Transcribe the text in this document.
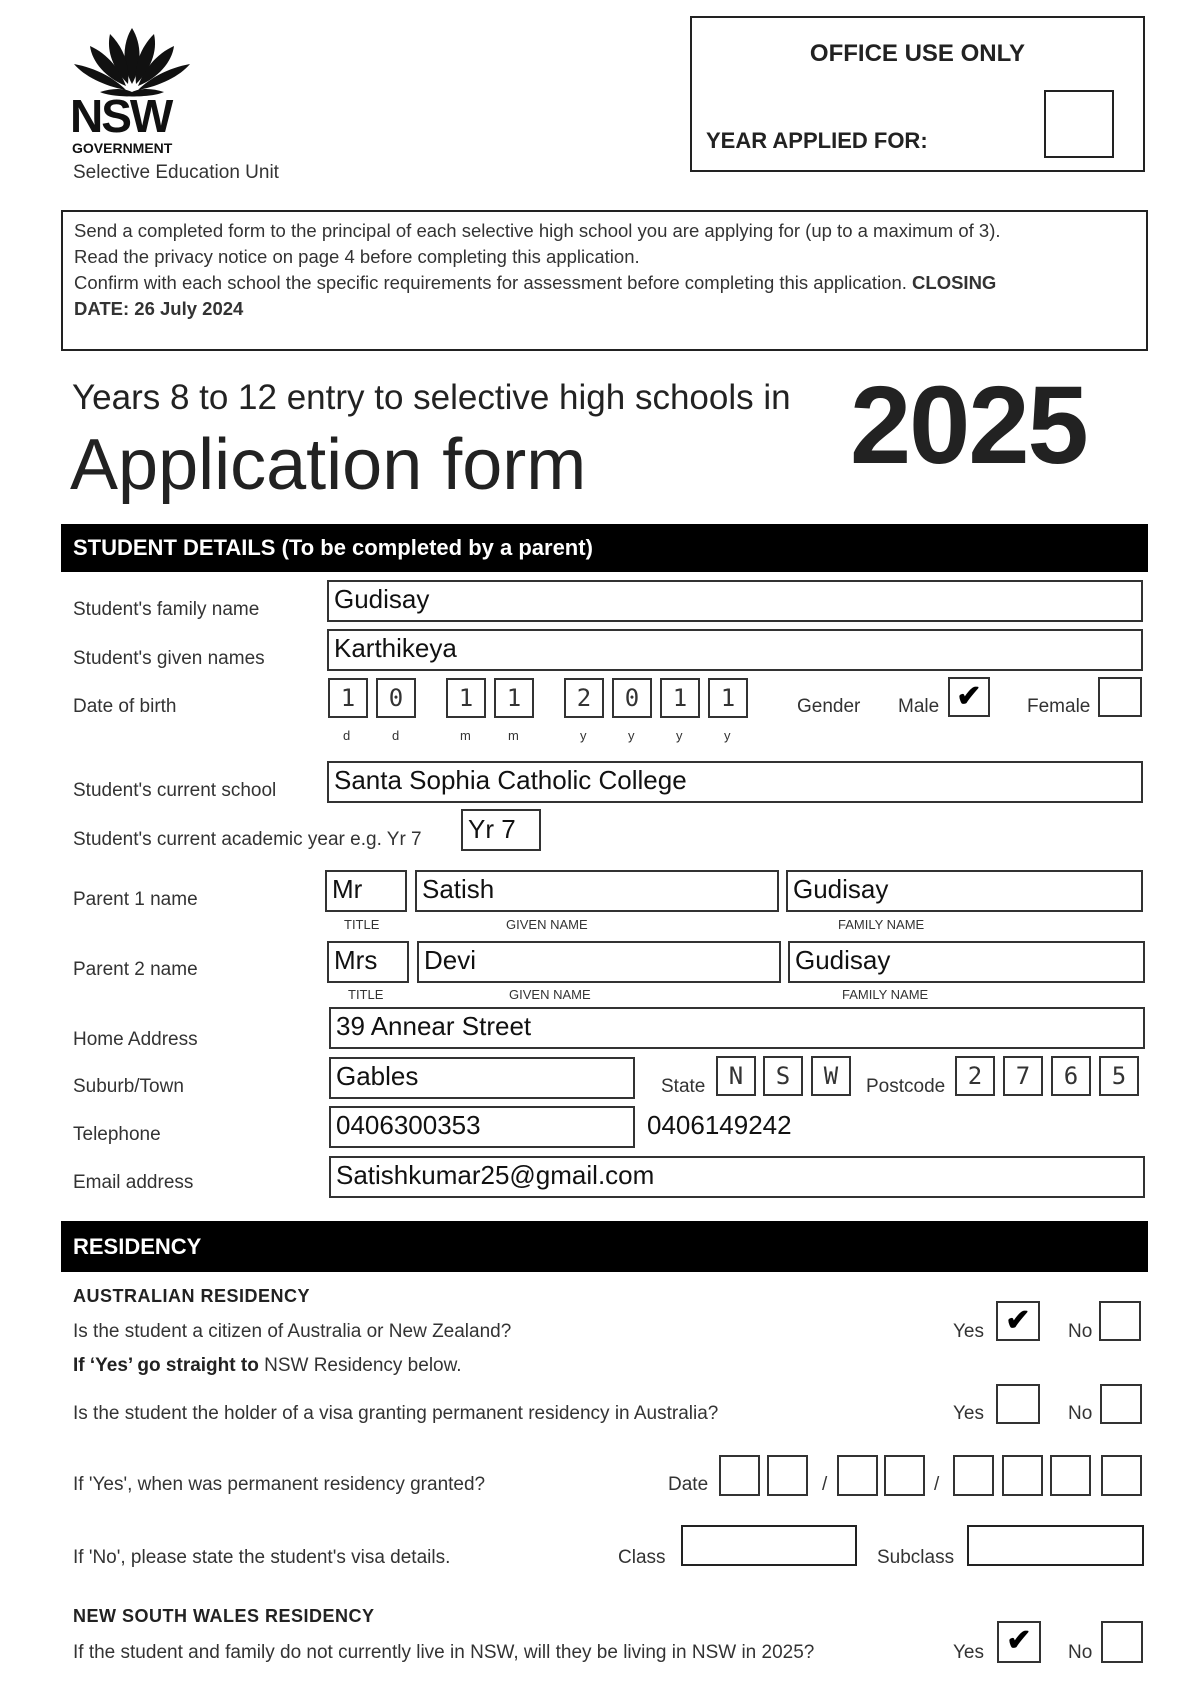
NSW
GOVERNMENT
Selective Education Unit
OFFICE USE ONLY
YEAR APPLIED FOR:
Send a completed form to the principal of each selective high school you are applying for (up to a maximum of 3).
Read the privacy notice on page 4 before completing this application.
Confirm with each school the specific requirements for assessment before completing this application. CLOSING
DATE: 26 July 2024
Years 8 to 12 entry to selective high schools in
Application form 2025
STUDENT DETAILS (To be completed by a parent)
Student's family name	Gudisay
Student's given names	Karthikeya
Date of birth	1	0	1	1	2	0	1	1
d	d	m	m	y	y	y	y
Gender Male ✔	Female
Student's current school Santa Sophia Catholic College
Student's current academic year e.g. Yr 7 Yr 7
Parent 1 name	Mr	Satish	Gudisay
TITLE	GIVEN NAME	FAMILY NAME
Parent 2 name	Mrs	Devi	Gudisay
TITLE	GIVEN NAME	FAMILY NAME
Home Address	39 Annear Street
Suburb/Town	Gables	State N	S	W	Postcode 2	7	6	5
Telephone	0406300353	0406149242
Email address	Satishkumar25@gmail.com
RESIDENCY
AUSTRALIAN RESIDENCY
Is the student a citizen of Australia or New Zealand?	Yes ✔	No
If ‘Yes’ go straight to NSW Residency below.
Is the student the holder of a visa granting permanent residency in Australia?	Yes	No
If 'Yes', when was permanent residency granted?	Date	/	/
If 'No', please state the student's visa details.	Class	Subclass
NEW SOUTH WALES RESIDENCY
If the student and family do not currently live in NSW, will they be living in NSW in 2025?	Yes ✔	No
